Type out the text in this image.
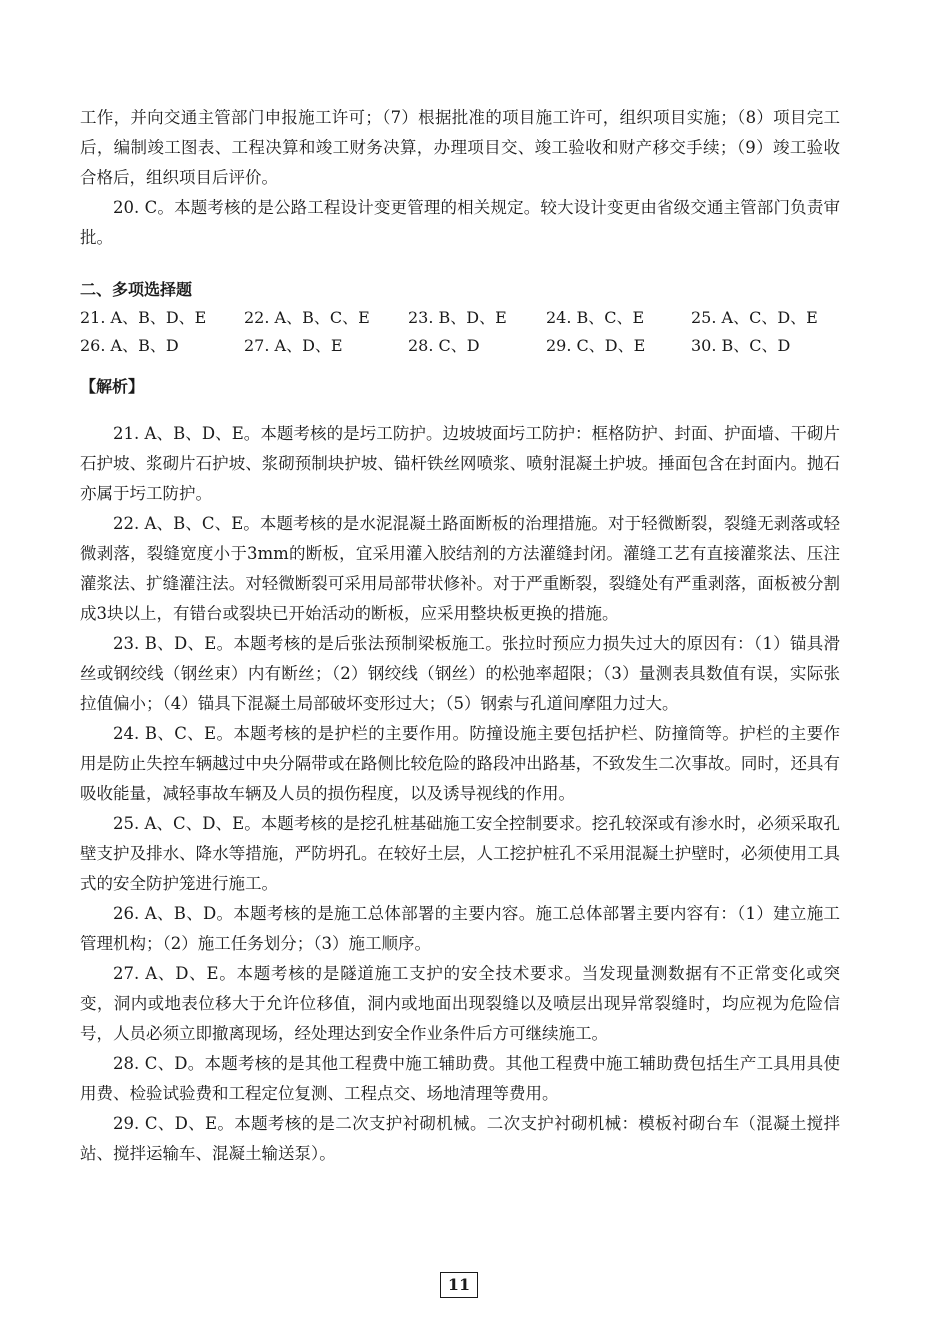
工作，并向交通主管部门申报施工许可；（7）根据批准的项目施工许可，组织项目实施；（8）项目完工后，编制竣工图表、工程决算和竣工财务决算，办理项目交、竣工验收和财产移交手续；（9）竣工验收合格后，组织项目后评价。

20. C。本题考核的是公路工程设计变更管理的相关规定。较大设计变更由省级交通主管部门负责审批。

二、多项选择题

21. A、B、D、E	22. A、B、C、E	23. B、D、E	24. B、C、E	25. A、C、D、E
26. A、B、D	27. A、D、E	28. C、D	29. C、D、E	30. B、C、D

【解析】

21. A、B、D、E。本题考核的是圬工防护。边坡坡面圬工防护：框格防护、封面、护面墙、干砌片石护坡、浆砌片石护坡、浆砌预制块护坡、锚杆铁丝网喷浆、喷射混凝土护坡。捶面包含在封面内。抛石亦属于圬工防护。

22. A、B、C、E。本题考核的是水泥混凝土路面断板的治理措施。对于轻微断裂，裂缝无剥落或轻微剥落，裂缝宽度小于3mm的断板，宜采用灌入胶结剂的方法灌缝封闭。灌缝工艺有直接灌浆法、压注灌浆法、扩缝灌注法。对轻微断裂可采用局部带状修补。对于严重断裂，裂缝处有严重剥落，面板被分割成3块以上，有错台或裂块已开始活动的断板，应采用整块板更换的措施。

23. B、D、E。本题考核的是后张法预制梁板施工。张拉时预应力损失过大的原因有：（1）锚具滑丝或钢绞线（钢丝束）内有断丝；（2）钢绞线（钢丝）的松弛率超限；（3）量测表具数值有误，实际张拉值偏小；（4）锚具下混凝土局部破坏变形过大；（5）钢索与孔道间摩阻力过大。

24. B、C、E。本题考核的是护栏的主要作用。防撞设施主要包括护栏、防撞筒等。护栏的主要作用是防止失控车辆越过中央分隔带或在路侧比较危险的路段冲出路基，不致发生二次事故。同时，还具有吸收能量，减轻事故车辆及人员的损伤程度，以及诱导视线的作用。

25. A、C、D、E。本题考核的是挖孔桩基础施工安全控制要求。挖孔较深或有渗水时，必须采取孔壁支护及排水、降水等措施，严防坍孔。在较好土层，人工挖护桩孔不采用混凝土护壁时，必须使用工具式的安全防护笼进行施工。

26. A、B、D。本题考核的是施工总体部署的主要内容。施工总体部署主要内容有：（1）建立施工管理机构；（2）施工任务划分；（3）施工顺序。

27. A、D、E。本题考核的是隧道施工支护的安全技术要求。当发现量测数据有不正常变化或突变，洞内或地表位移大于允许位移值，洞内或地面出现裂缝以及喷层出现异常裂缝时，均应视为危险信号，人员必须立即撤离现场，经处理达到安全作业条件后方可继续施工。

28. C、D。本题考核的是其他工程费中施工辅助费。其他工程费中施工辅助费包括生产工具用具使用费、检验试验费和工程定位复测、工程点交、场地清理等费用。

29. C、D、E。本题考核的是二次支护衬砌机械。二次支护衬砌机械：模板衬砌台车（混凝土搅拌站、搅拌运输车、混凝土输送泵）。

11
